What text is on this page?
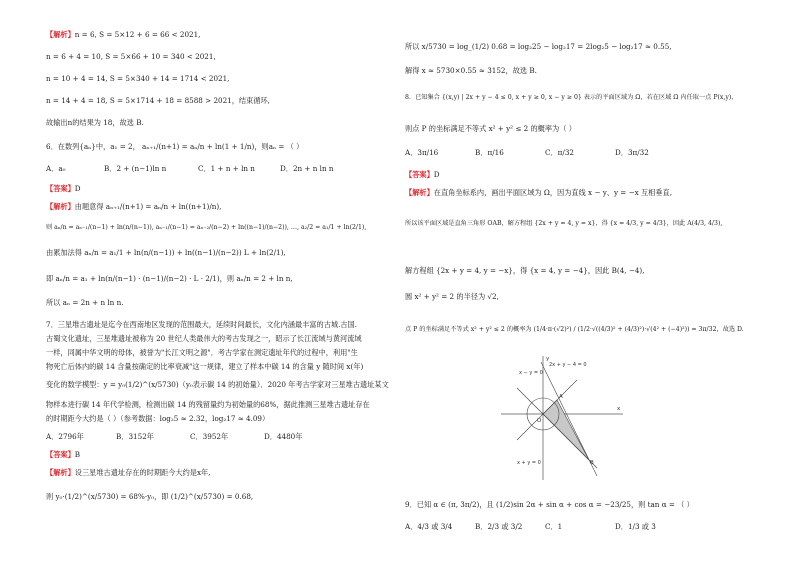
【解析】n = 6, S = 5×12 + 6 = 66 < 2021,
n = 6 + 4 = 10, S = 5×66 + 10 = 340 < 2021,
n = 10 + 4 = 14, S = 5×340 + 14 = 1714 < 2021,
n = 14 + 4 = 18, S = 5×1714 + 18 = 8588 > 2021，结束循环,
故输出n的结果为 18，故选 B.
6．在数列{aₙ}中，a₁ = 2， aₙ₊₁/(n+1) = aₙ/n + ln(1 + 1/n)，则aₙ = （ ）
A．a₀	B．2 + (n−1)ln n	C．1 + n + ln n	D．2n + n ln n
【答案】D
【解析】由题意得 aₙ₊₁/(n+1) = aₙ/n + ln((n+1)/n),
则 aₙ/n = aₙ₋₁/(n−1) + ln(n/(n−1)), aₙ₋₁/(n−1) = aₙ₋₂/(n−2) + ln((n−1)/(n−2)), …, a₂/2 = a₁/1 + ln(2/1),
由累加法得 aₙ/n = a₁/1 + ln(n/(n−1)) + ln((n−1)/(n−2)) L + ln(2/1),
即 aₙ/n = a₁ + ln(n/(n−1) · (n−1)/(n−2) · L · 2/1)，则 aₙ/n = 2 + ln n,
所以 aₙ = 2n + n ln n.
7．三星堆古遗址是迄今在西南地区发现的范围最大，延续时间最长，文化内涵最丰富的古城.古国.
古蜀文化遗址，三星堆遗址被称为 20 世纪人类最伟大的考古发现之一，昭示了长江流域与黄河流域
一样，同属中华文明的母体，被誉为"长江文明之源"．考古学家在测定遗址年代的过程中，利用"生
物死亡后体内的碳 14 含量按确定的比率衰减"这一规律，建立了样本中碳 14 的含量 y 随时间 x(年)
变化的数学模型：y = y₀(1/2)^(x/5730)（y₀表示碳 14 的初始量）．2020 年考古学家对三星堆古遗址某文
物样本进行碳 14 年代学检测，检测出碳 14 的残留量约为初始量的68%，据此推测三星堆古遗址存在
的时期距今大约是（ ）（参考数据：log₂5 ≈ 2.32，log₂17 ≈ 4.09）
A．2796年	B．3152年	C．3952年	D．4480年
【答案】B
【解析】设三星堆古遗址存在的时期距今大约是x年,
则 y₀·(1/2)^(x/5730) = 68%·y₀，即 (1/2)^(x/5730) = 0.68,
所以 x/5730 = log_(1/2) 0.68 = log₂25 − log₂17 = 2log₂5 − log₂17 ≈ 0.55,
解得 x ≈ 5730×0.55 ≈ 3152，故选 B.
8．已知集合 {(x,y) | 2x + y − 4 ≤ 0, x + y ≥ 0, x − y ≥ 0} 表示的平面区域为 Ω，若在区域 Ω 内任取一点 P(x,y)，
则点 P 的坐标满足不等式 x² + y² ≤ 2 的概率为（ ）
A．3π/16	B．π/16	C．π/32	D．3π/32
【答案】D
【解析】在直角坐标系内，画出平面区域为 Ω，因为直线 x − y、y = −x 互相垂直,
所以该平面区域是直角三角形 OAB，解方程组 {2x + y = 4, y = x}，得 {x = 4/3, y = 4/3}，因此 A(4/3, 4/3),
解方程组 {2x + y = 4, y = −x}，得 {x = 4, y = −4}，因此 B(4, −4),
圆 x² + y² = 2 的半径为 √2,
点 P 的坐标满足不等式 x² + y² ≤ 2 的概率为 (1/4·π·(√2)²) / (1/2·√((4/3)² + (4/3)²)·√(4² + (−4)²)) = 3π/32，故选 D.
x − y = 0
2x + y − 4 = 0
x + y = 0
O
A
B
x
y
9．已知 α ∈ (π, 3π/2)，且 (1/2)sin 2α + sin α + cos α = −23/25，则 tan α = （ ）
A．4/3 或 3/4	B．2/3 或 3/2	C．1	D．1/3 或 3
